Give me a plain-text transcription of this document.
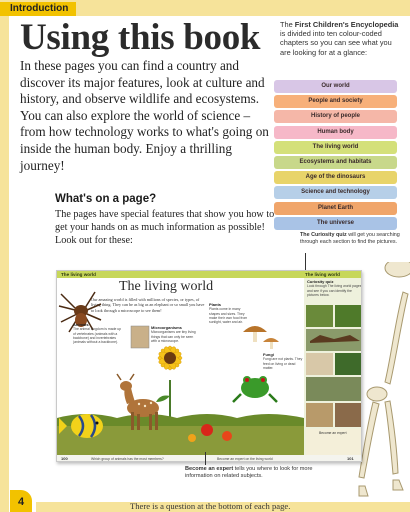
Introduction
Using this book

In these pages you can find a country and discover its major features, look at culture and history, and observe wildlife and ecosystems. You can also explore the world of science – from how technology works to what's going on inside the human body. Enjoy a thrilling journey!

The First Children's Encyclopedia is divided into ten colour-coded chapters so you can see what you are looking for at a glance:

Our world
People and society
History of people
Human body
The living world
Ecosystems and habitats
Age of the dinosaurs
Science and technology
Planet Earth
The universe
What's on a page?

The pages have special features that show you how to get your hands on as much information as possible! Look out for these:

The Curiosity quiz will get you searching through each section to find the pictures.

The living world	The living world
Curiosity quiz
Look through The living world pages and see if you can identify the pictures below.
Become an expert
The living world

Our amazing world is filled with millions of species, or types, of living thing. They can be as big as an elephant or so small you have to look through a microscope to see them!

Animals
The animal kingdom is made up of vertebrates (animals with a backbone) and invertebrates (animals without a backbone).
Microorganisms
Microorganisms are tiny living things that can only be seen with a microscope.
Plants
Plants come in many shapes and sizes. They make their own food from sunlight, water and air.
Fungi
Fungi are not plants. They feed on living or dead matter.
100	101
Which group of animals has the most members?	Become an expert on the living world

Become an expert tells you where to look for more information on related subjects.

4	There is a question at the bottom of each page.
